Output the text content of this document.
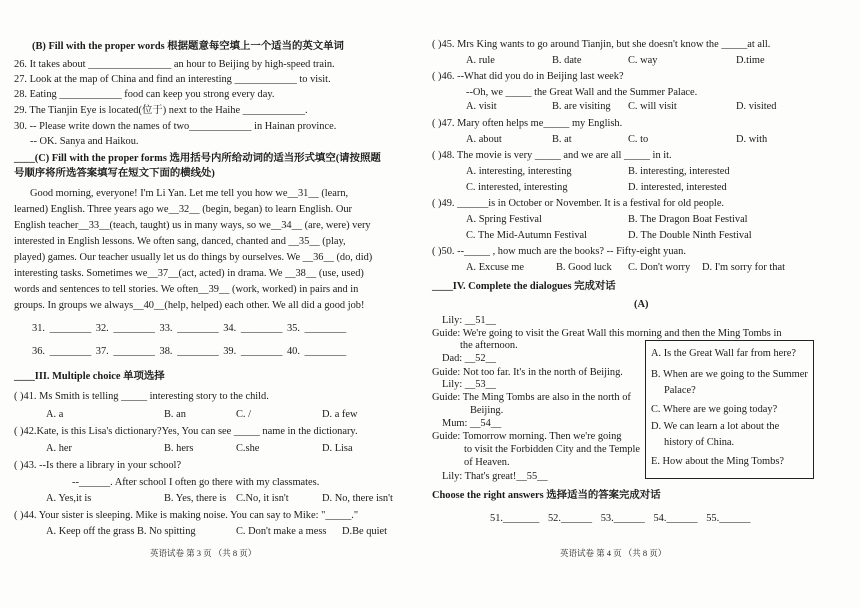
(B) Fill with the proper words 根据题意每空填上一个适当的英文单词
26. It takes about ________________ an hour to Beijing by high-speed train.
27. Look at the map of China and find an interesting ____________ to visit.
28. Eating ____________ food can keep you strong every day.
29. The Tianjin Eye is located(位于) next to the Haihe ____________.
30. -- Please write down the names of two____________ in Hainan province.
-- OK. Sanya and Haikou.
____(C) Fill with the proper forms 选用括号内所给动词的适当形式填空(请按照题
号顺序将所选答案填写在短文下面的横线处)
Good morning, everyone! I'm Li Yan. Let me tell you how we__31__ (learn,
learned) English. Three years ago we__32__ (begin, began) to learn English. Our
English teacher__33__(teach, taught) us in many ways, so we__34__ (are, were) very
interested in English lessons. We often sang, danced, chanted and __35__ (play,
played) games. Our teacher usually let us do things by ourselves. We __36__ (do, did)
interesting tasks. Sometimes we__37__(act, acted) in drama. We __38__ (use, used)
words and sentences to tell stories. We often__39__ (work, worked) in pairs and in
groups. In groups we always__40__(help, helped) each other. We all did a good job!
31. ________ 32. ________ 33. ________ 34. ________ 35. ________
36. ________ 37. ________ 38. ________ 39. ________ 40. ________
____III. Multiple choice 单项选择
( )41. Ms Smith is telling _____ interesting story to the child.
A. a	B. an	C. /	D. a few
( )42.Kate, is this Lisa's dictionary?Yes, You can see _____ name in the dictionary.
A. her	B. hers	C.she	D. Lisa
( )43. --Is there a library in your school?
--______. After school I often go there with my classmates.
A. Yes,it is	B. Yes, there is C.No, it isn't	D. No, there isn't
( )44. Your sister is sleeping. Mike is making noise. You can say to Mike: "_____."
A. Keep off the grass B. No spitting	C. Don't make a mess D.Be quiet
英语试卷 第 3 页 （共 8 页）
( )45. Mrs King wants to go around Tianjin, but she doesn't know the _____at all.
A. rule	B. date	C. way	D.time
( )46. --What did you do in Beijing last week?
--Oh, we _____ the Great Wall and the Summer Palace.
A. visit	B. are visiting C. will visit	D. visited
( )47. Mary often helps me_____ my English.
A. about	B. at	C. to	D. with
( )48. The movie is very _____ and we are all _____ in it.
A. interesting, interesting	B. interesting, interested
C. interested, interesting	D. interested, interested
( )49. ______is in October or November. It is a festival for old people.
A. Spring Festival	B. The Dragon Boat Festival
C. The Mid-Autumn Festival	D. The Double Ninth Festival
( )50. --_____ , how much are the books? -- Fifty-eight yuan.
A. Excuse me	B. Good luck C. Don't worry D. I'm sorry for that
____IV. Complete the dialogues 完成对话
(A)
Lily: __51__
Guide: We're going to visit the Great Wall this morning and then the Ming Tombs in
the afternoon.
Dad: __52__
Guide: Not too far. It's in the north of Beijing.
Lily: __53__
Guide: The Ming Tombs are also in the north of
Beijing.
Mum: __54__
Guide: Tomorrow morning. Then we're going
to visit the Forbidden City and the Temple
of Heaven.
Lily: That's great!__55__
Choose the right answers 选择适当的答案完成对话
51._______ 52.______ 53.______ 54.______ 55.______
英语试卷 第 4 页 （共 8 页）
A. Is the Great Wall far from here?
B. When are we going to the Summer
Palace?
C. Where are we going today?
D. We can learn a lot about the
history of China.
E. How about the Ming Tombs?
